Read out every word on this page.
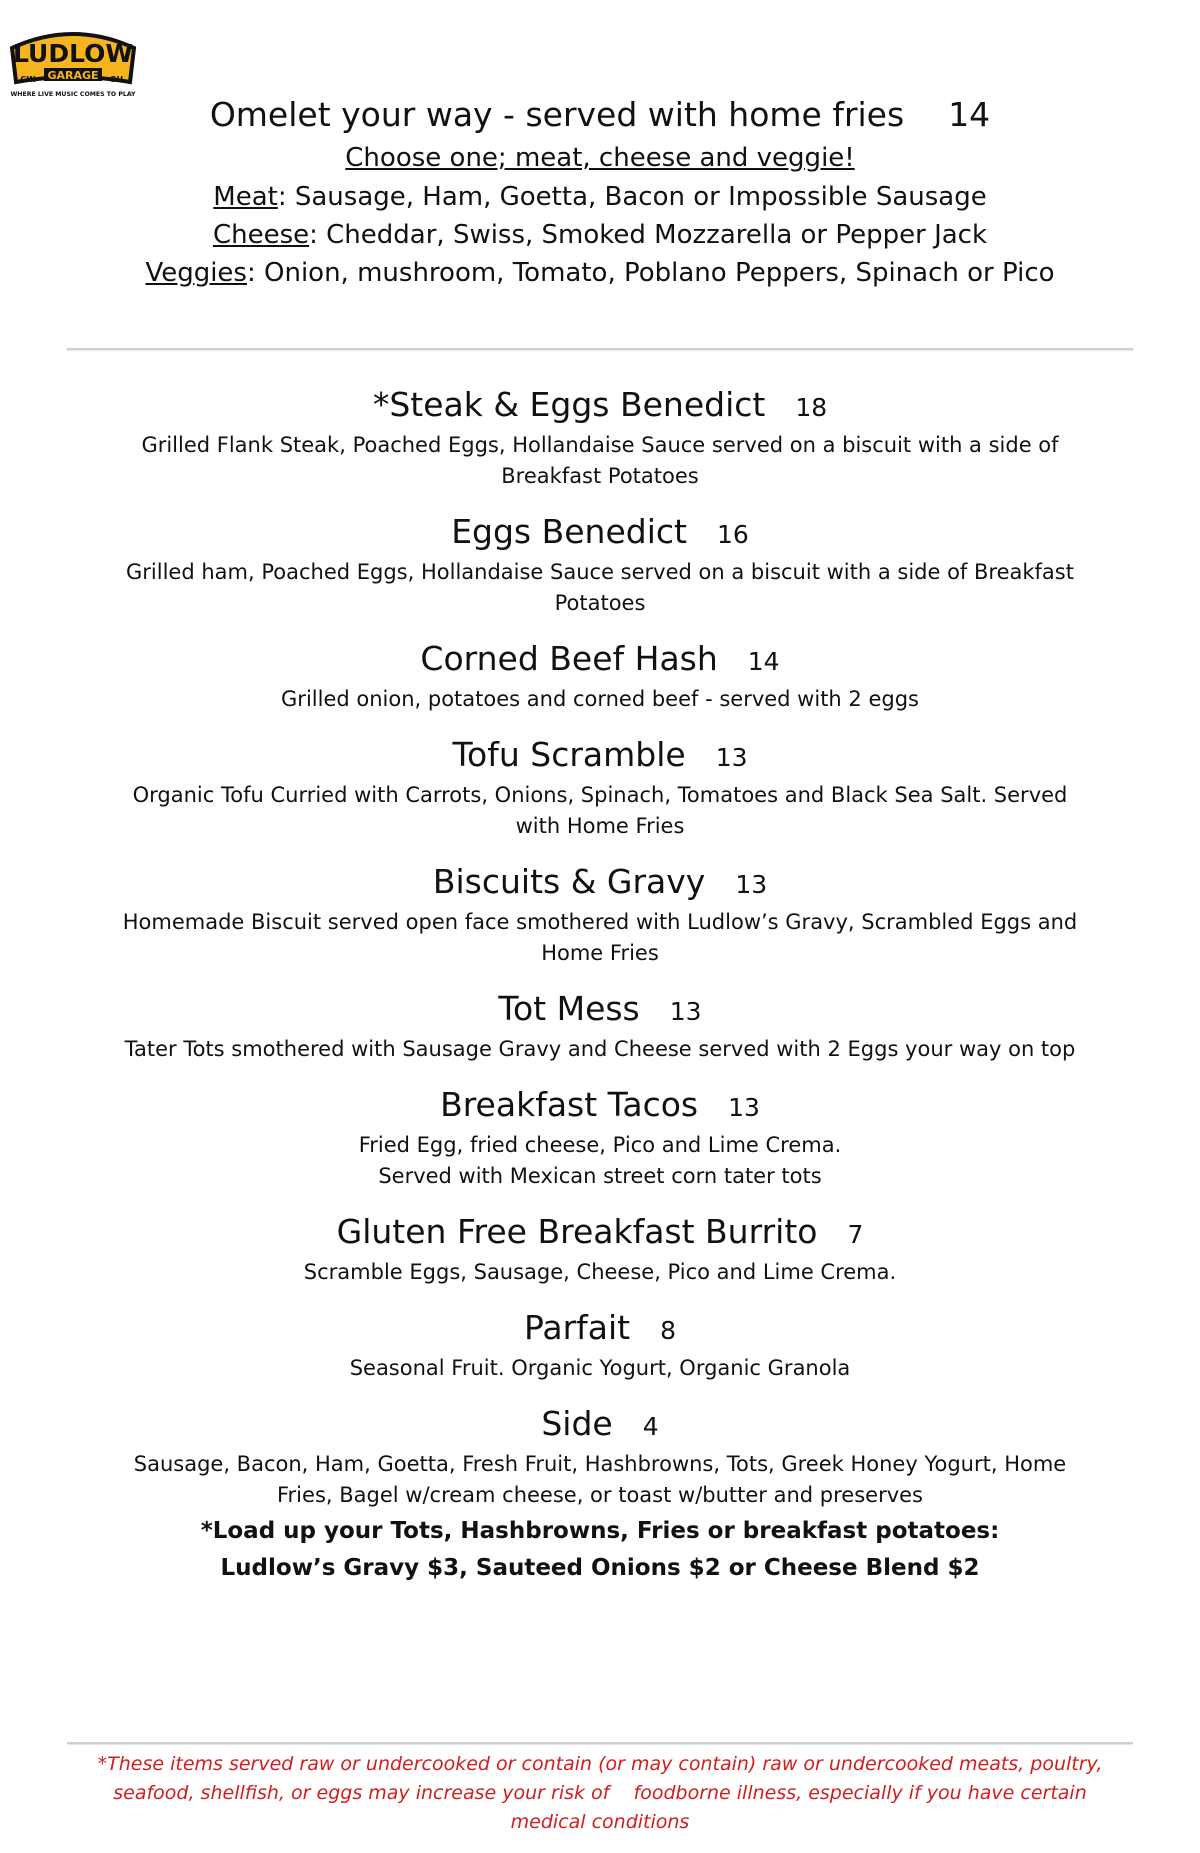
LUDLOW
GARAGE
CIN	OH.
WHERE LIVE MUSIC COMES TO PLAY
Omelet your way - served with home fries 14
Choose one; meat, cheese and veggie!
Meat: Sausage, Ham, Goetta, Bacon or Impossible Sausage
Cheese: Cheddar, Swiss, Smoked Mozzarella or Pepper Jack
Veggies: Onion, mushroom, Tomato, Poblano Peppers, Spinach or Pico
*Steak & Eggs Benedict 18
Grilled Flank Steak, Poached Eggs, Hollandaise Sauce served on a biscuit with a side of
Breakfast Potatoes
Eggs Benedict 16
Grilled ham, Poached Eggs, Hollandaise Sauce served on a biscuit with a side of Breakfast
Potatoes
Corned Beef Hash 14
Grilled onion, potatoes and corned beef - served with 2 eggs
Tofu Scramble 13
Organic Tofu Curried with Carrots, Onions, Spinach, Tomatoes and Black Sea Salt. Served
with Home Fries
Biscuits & Gravy 13
Homemade Biscuit served open face smothered with Ludlow’s Gravy, Scrambled Eggs and
Home Fries
Tot Mess 13
Tater Tots smothered with Sausage Gravy and Cheese served with 2 Eggs your way on top
Breakfast Tacos 13
Fried Egg, fried cheese, Pico and Lime Crema.
Served with Mexican street corn tater tots
Gluten Free Breakfast Burrito 7
Scramble Eggs, Sausage, Cheese, Pico and Lime Crema.
Parfait 8
Seasonal Fruit. Organic Yogurt, Organic Granola
Side 4
Sausage, Bacon, Ham, Goetta, Fresh Fruit, Hashbrowns, Tots, Greek Honey Yogurt, Home
Fries, Bagel w/cream cheese, or toast w/butter and preserves
*Load up your Tots, Hashbrowns, Fries or breakfast potatoes:
Ludlow’s Gravy $3, Sauteed Onions $2 or Cheese Blend $2
*These items served raw or undercooked or contain (or may contain) raw or undercooked meats, poultry,
seafood, shellfish, or eggs may increase your risk of    foodborne illness, especially if you have certain
medical conditions
